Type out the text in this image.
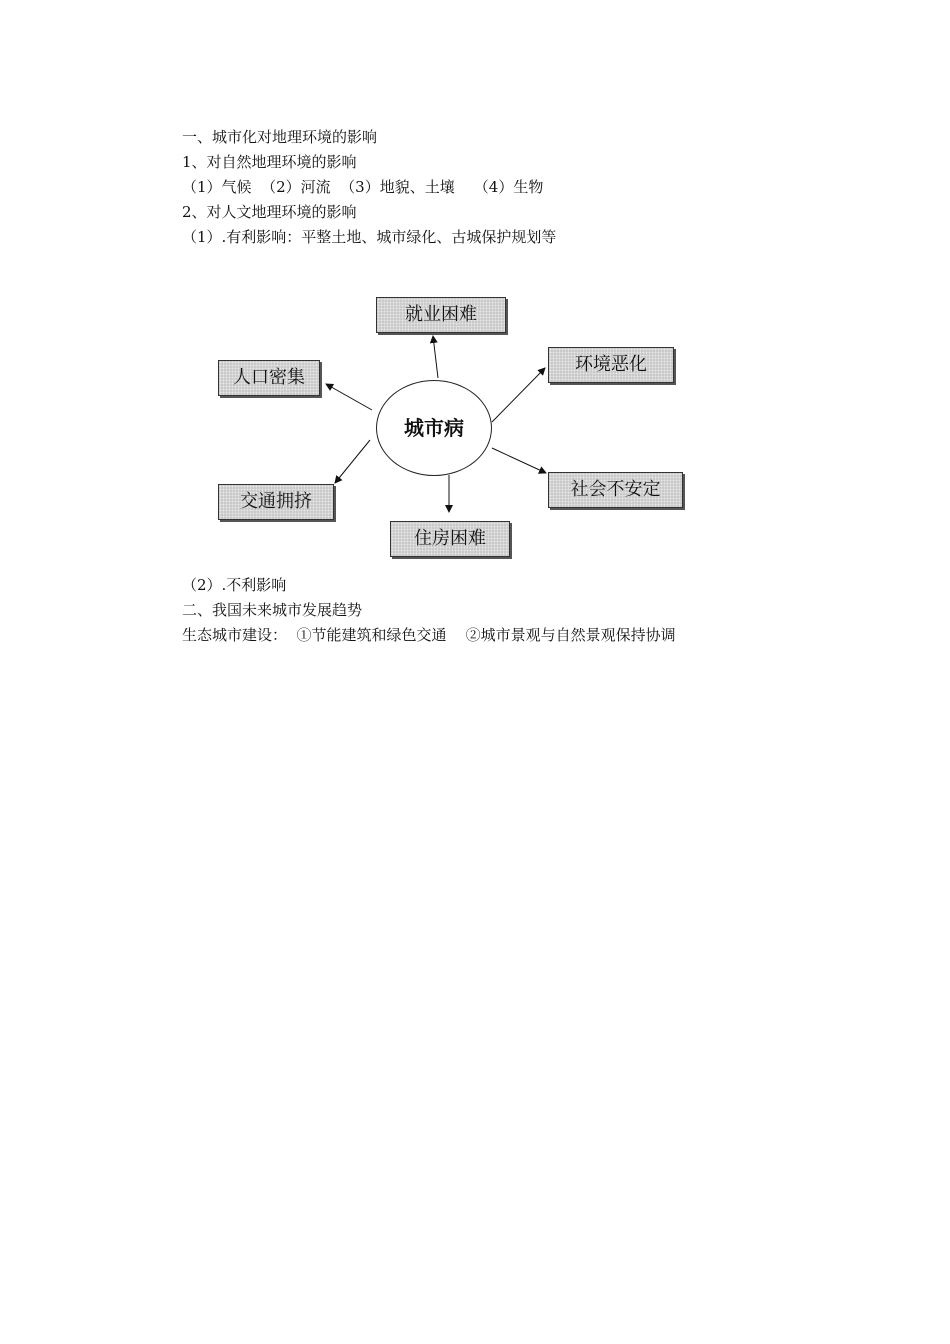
一、城市化对地理环境的影响
1、对自然地理环境的影响
（1）气候  （2）河流  （3）地貌、土壤    （4）生物
2、对人文地理环境的影响
（1）.有利影响：平整土地、城市绿化、古城保护规划等
城市病
就业困难
人口密集
环境恶化
交通拥挤
社会不安定
住房困难
（2）.不利影响
二、我国未来城市发展趋势
生态城市建设：  ①节能建筑和绿色交通    ②城市景观与自然景观保持协调
